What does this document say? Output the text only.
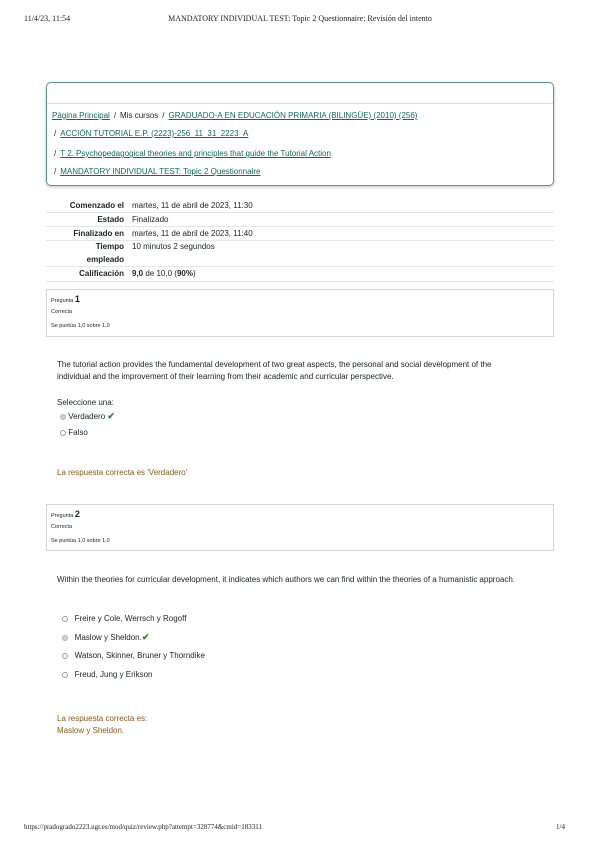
11/4/23, 11:54	MANDATORY INDIVIDUAL TEST: Topic 2 Questionnaire: Revisión del intento
Página Principal / Mis cursos / GRADUADO-A EN EDUCACIÓN PRIMARIA (BILINGÜE) (2010) (256)
/ ACCIÓN TUTORIAL E.P. (2223)-256_11_31_2223_A
/ T 2. Psychopedagogical theories and principles that guide the Tutorial Action
/ MANDATORY INDIVIDUAL TEST: Topic 2 Questionnaire
Comenzado el martes, 11 de abril de 2023, 11:30
Estado Finalizado
Finalizado en martes, 11 de abril de 2023, 11:40
Tiempo
empleado
10 minutos 2 segundos
Calificación 9,0 de 10,0 (90%)
Pregunta 1
Correcta
Se puntúa 1,0 sobre 1,0
The tutorial action provides the fundamental development of two great aspects, the personal and social development of the individual and the improvement of their learning from their academic and curricular perspective.
Seleccione una:
Verdadero ✔
Falso
La respuesta correcta es 'Verdadero'
Pregunta 2
Correcta
Se puntúa 1,0 sobre 1,0
Within the theories for curricular development, it indicates which authors we can find within the theories of a humanistic approach.
Freire y Cole, Werrsch y Rogoff
Maslow y Sheldon.✔
Watson, Skinner, Bruner y Thorndike
Freud, Jung y Erikson
La respuesta correcta es:
Maslow y Sheldon.
https://pradogrado2223.ugr.es/mod/quiz/review.php?attempt=328774&cmid=183311	1/4
